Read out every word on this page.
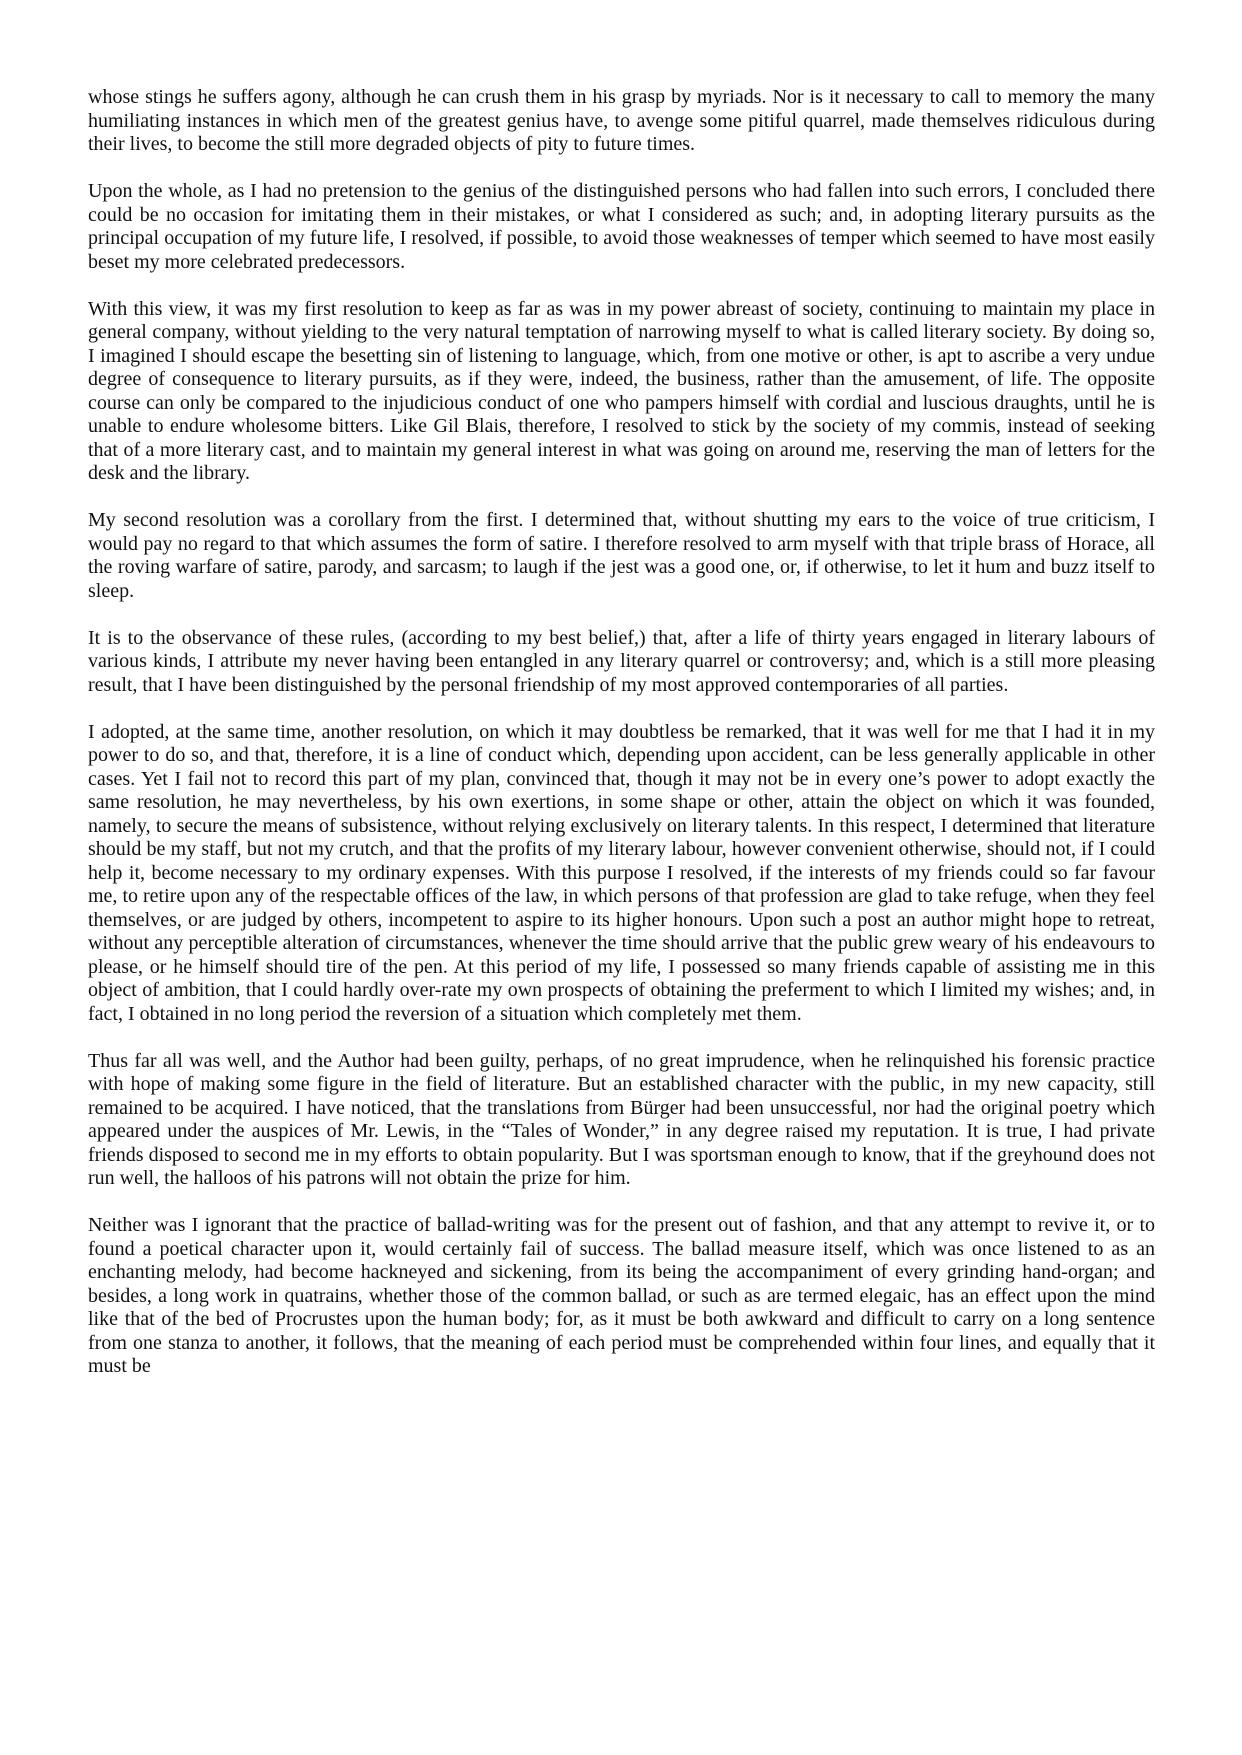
whose stings he suffers agony, although he can crush them in his grasp by myriads. Nor is it necessary to call to memory the many humiliating instances in which men of the greatest genius have, to avenge some pitiful quarrel, made themselves ridiculous during their lives, to become the still more degraded objects of pity to future times.

Upon the whole, as I had no pretension to the genius of the distinguished persons who had fallen into such errors, I concluded there could be no occasion for imitating them in their mistakes, or what I considered as such; and, in adopting literary pursuits as the principal occupation of my future life, I resolved, if possible, to avoid those weaknesses of temper which seemed to have most easily beset my more celebrated predecessors.

With this view, it was my first resolution to keep as far as was in my power abreast of society, continuing to maintain my place in general company, without yielding to the very natural temptation of narrowing myself to what is called literary society. By doing so, I imagined I should escape the besetting sin of listening to language, which, from one motive or other, is apt to ascribe a very undue degree of consequence to literary pursuits, as if they were, indeed, the business, rather than the amusement, of life. The opposite course can only be compared to the injudicious conduct of one who pampers himself with cordial and luscious draughts, until he is unable to endure wholesome bitters. Like Gil Blais, therefore, I resolved to stick by the society of my commis, instead of seeking that of a more literary cast, and to maintain my general interest in what was going on around me, reserving the man of letters for the desk and the library.

My second resolution was a corollary from the first. I determined that, without shutting my ears to the voice of true criticism, I would pay no regard to that which assumes the form of satire. I therefore resolved to arm myself with that triple brass of Horace, all the roving warfare of satire, parody, and sarcasm; to laugh if the jest was a good one, or, if otherwise, to let it hum and buzz itself to sleep.

It is to the observance of these rules, (according to my best belief,) that, after a life of thirty years engaged in literary labours of various kinds, I attribute my never having been entangled in any literary quarrel or controversy; and, which is a still more pleasing result, that I have been distinguished by the personal friendship of my most approved contemporaries of all parties.

I adopted, at the same time, another resolution, on which it may doubtless be remarked, that it was well for me that I had it in my power to do so, and that, therefore, it is a line of conduct which, depending upon accident, can be less generally applicable in other cases. Yet I fail not to record this part of my plan, convinced that, though it may not be in every one’s power to adopt exactly the same resolution, he may nevertheless, by his own exertions, in some shape or other, attain the object on which it was founded, namely, to secure the means of subsistence, without relying exclusively on literary talents. In this respect, I determined that literature should be my staff, but not my crutch, and that the profits of my literary labour, however convenient otherwise, should not, if I could help it, become necessary to my ordinary expenses. With this purpose I resolved, if the interests of my friends could so far favour me, to retire upon any of the respectable offices of the law, in which persons of that profession are glad to take refuge, when they feel themselves, or are judged by others, incompetent to aspire to its higher honours. Upon such a post an author might hope to retreat, without any perceptible alteration of circumstances, whenever the time should arrive that the public grew weary of his endeavours to please, or he himself should tire of the pen. At this period of my life, I possessed so many friends capable of assisting me in this object of ambition, that I could hardly over-rate my own prospects of obtaining the preferment to which I limited my wishes; and, in fact, I obtained in no long period the reversion of a situation which completely met them.

Thus far all was well, and the Author had been guilty, perhaps, of no great imprudence, when he relinquished his forensic practice with hope of making some figure in the field of literature. But an established character with the public, in my new capacity, still remained to be acquired. I have noticed, that the translations from Bürger had been unsuccessful, nor had the original poetry which appeared under the auspices of Mr. Lewis, in the “Tales of Wonder,” in any degree raised my reputation. It is true, I had private friends disposed to second me in my efforts to obtain popularity. But I was sportsman enough to know, that if the greyhound does not run well, the halloos of his patrons will not obtain the prize for him.

Neither was I ignorant that the practice of ballad-writing was for the present out of fashion, and that any attempt to revive it, or to found a poetical character upon it, would certainly fail of success. The ballad measure itself, which was once listened to as an enchanting melody, had become hackneyed and sickening, from its being the accompaniment of every grinding hand-organ; and besides, a long work in quatrains, whether those of the common ballad, or such as are termed elegaic, has an effect upon the mind like that of the bed of Procrustes upon the human body; for, as it must be both awkward and difficult to carry on a long sentence from one stanza to another, it follows, that the meaning of each period must be comprehended within four lines, and equally that it must be
